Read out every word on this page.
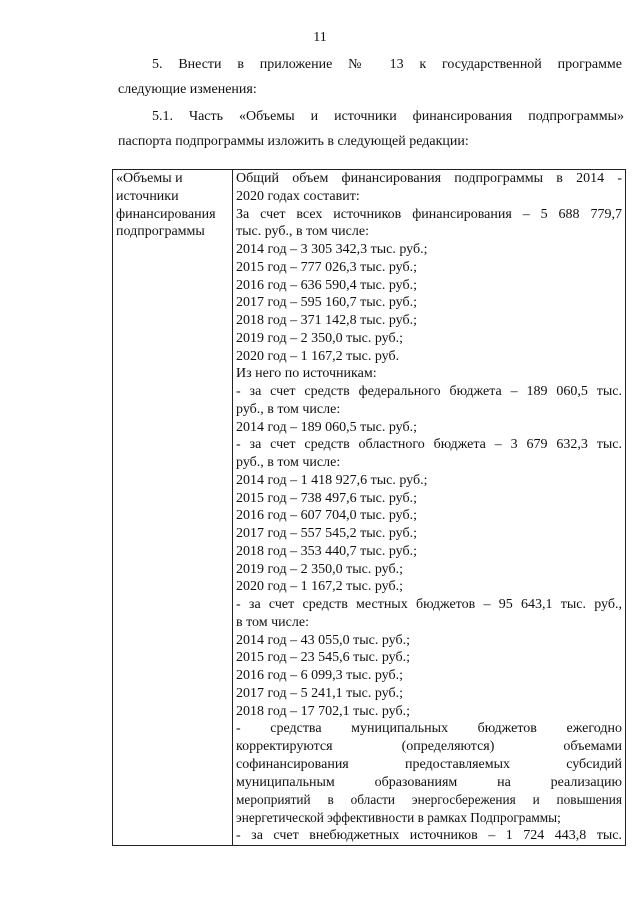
11
5. Внести в приложение № 13 к государственной программе
следующие изменения:
5.1. Часть «Объемы и источники финансирования подпрограммы»
паспорта подпрограммы изложить в следующей редакции:
«Объемы и
источники
финансирования
подпрограммы

Общий объем финансирования подпрограммы в 2014 -
2020 годах составит:
За счет всех источников финансирования – 5 688 779,7
тыс. руб., в том числе:
2014 год – 3 305 342,3 тыс. руб.;
2015 год – 777 026,3 тыс. руб.;
2016 год – 636 590,4 тыс. руб.;
2017 год – 595 160,7 тыс. руб.;
2018 год – 371 142,8 тыс. руб.;
2019 год – 2 350,0 тыс. руб.;
2020 год – 1 167,2 тыс. руб.
Из него по источникам:
- за счет средств федерального бюджета – 189 060,5 тыс.
руб., в том числе:
2014 год – 189 060,5 тыс. руб.;
- за счет средств областного бюджета – 3 679 632,3 тыс.
руб., в том числе:
2014 год – 1 418 927,6 тыс. руб.;
2015 год – 738 497,6 тыс. руб.;
2016 год – 607 704,0 тыс. руб.;
2017 год – 557 545,2 тыс. руб.;
2018 год – 353 440,7 тыс. руб.;
2019 год – 2 350,0 тыс. руб.;
2020 год – 1 167,2 тыс. руб.;
- за счет средств местных бюджетов – 95 643,1 тыс. руб.,
в том числе:
2014 год – 43 055,0 тыс. руб.;
2015 год – 23 545,6 тыс. руб.;
2016 год – 6 099,3 тыс. руб.;
2017 год – 5 241,1 тыс. руб.;
2018 год – 17 702,1 тыс. руб.;
- средства муниципальных бюджетов ежегодно
корректируются (определяются) объемами
софинансирования предоставляемых субсидий
муниципальным образованиям на реализацию
мероприятий в области энергосбережения и повышения
энергетической эффективности в рамках Подпрограммы;
- за счет внебюджетных источников – 1 724 443,8 тыс.
